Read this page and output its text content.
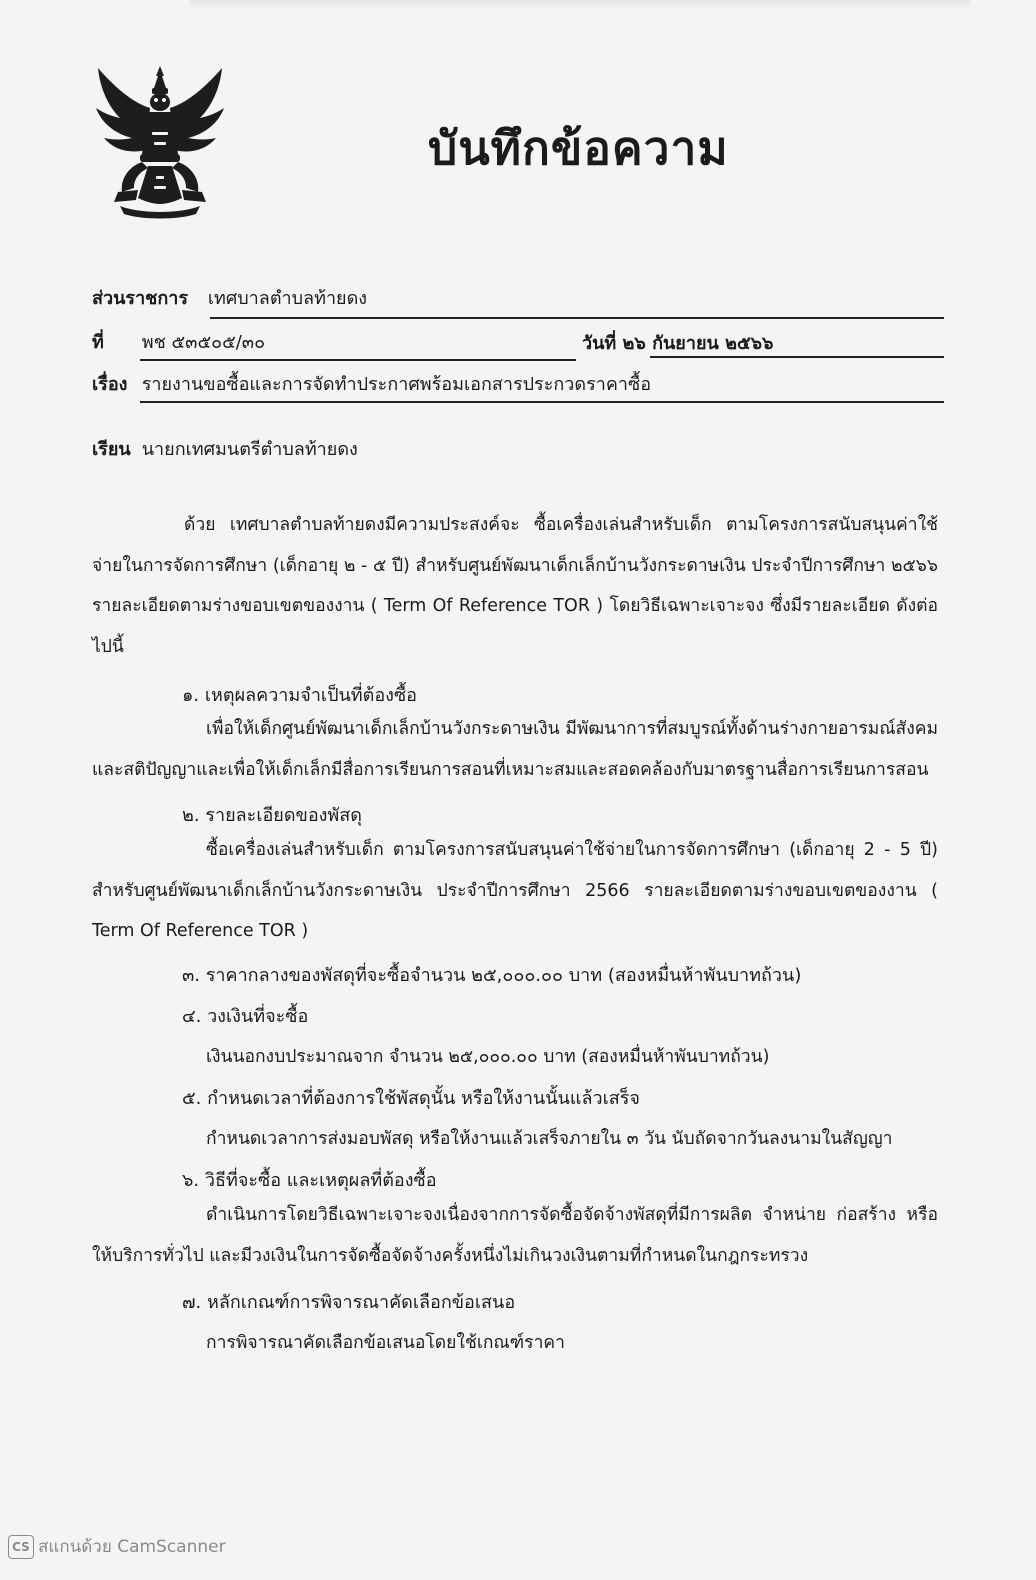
บันทึกข้อความ
ส่วนราชการ เทศบาลตำบลท้ายดง
ที่ พช ๕๓๕๐๕/๓๐	วันที่ ๒๖ กันยายน ๒๕๖๖
เรื่อง รายงานขอซื้อและการจัดทำประกาศพร้อมเอกสารประกวดราคาซื้อ
เรียน นายกเทศมนตรีตำบลท้ายดง
ด้วย เทศบาลตำบลท้ายดงมีความประสงค์จะ ซื้อเครื่องเล่นสำหรับเด็ก ตามโครงการสนับสนุนค่าใช้จ่ายในการจัดการศึกษา (เด็กอายุ ๒ - ๕ ปี) สำหรับศูนย์พัฒนาเด็กเล็กบ้านวังกระดาษเงิน ประจำปีการศึกษา ๒๕๖๖ รายละเอียดตามร่างขอบเขตของงาน ( Term Of Reference TOR ) โดยวิธีเฉพาะเจาะจง ซึ่งมีรายละเอียด ดังต่อไปนี้
๑. เหตุผลความจำเป็นที่ต้องซื้อ
เพื่อให้เด็กศูนย์พัฒนาเด็กเล็กบ้านวังกระดาษเงิน มีพัฒนาการที่สมบูรณ์ทั้งด้านร่างกายอารมณ์สังคมและสติปัญญาและเพื่อให้เด็กเล็กมีสื่อการเรียนการสอนที่เหมาะสมและสอดคล้องกับมาตรฐานสื่อการเรียนการสอน
๒. รายละเอียดของพัสดุ
ซื้อเครื่องเล่นสำหรับเด็ก ตามโครงการสนับสนุนค่าใช้จ่ายในการจัดการศึกษา (เด็กอายุ 2 - 5 ปี) สำหรับศูนย์พัฒนาเด็กเล็กบ้านวังกระดาษเงิน ประจำปีการศึกษา 2566 รายละเอียดตามร่างขอบเขตของงาน ( Term Of Reference TOR )
๓. ราคากลางของพัสดุที่จะซื้อจำนวน ๒๕,๐๐๐.๐๐ บาท (สองหมื่นห้าพันบาทถ้วน)
๔. วงเงินที่จะซื้อ
เงินนอกงบประมาณจาก จำนวน ๒๕,๐๐๐.๐๐ บาท (สองหมื่นห้าพันบาทถ้วน)
๕. กำหนดเวลาที่ต้องการใช้พัสดุนั้น หรือให้งานนั้นแล้วเสร็จ
กำหนดเวลาการส่งมอบพัสดุ หรือให้งานแล้วเสร็จภายใน ๓ วัน นับถัดจากวันลงนามในสัญญา
๖. วิธีที่จะซื้อ และเหตุผลที่ต้องซื้อ
ดำเนินการโดยวิธีเฉพาะเจาะจงเนื่องจากการจัดซื้อจัดจ้างพัสดุที่มีการผลิต จำหน่าย ก่อสร้าง หรือให้บริการทั่วไป และมีวงเงินในการจัดซื้อจัดจ้างครั้งหนึ่งไม่เกินวงเงินตามที่กำหนดในกฎกระทรวง
๗. หลักเกณฑ์การพิจารณาคัดเลือกข้อเสนอ
การพิจารณาคัดเลือกข้อเสนอโดยใช้เกณฑ์ราคา
CS สแกนด้วย CamScanner
